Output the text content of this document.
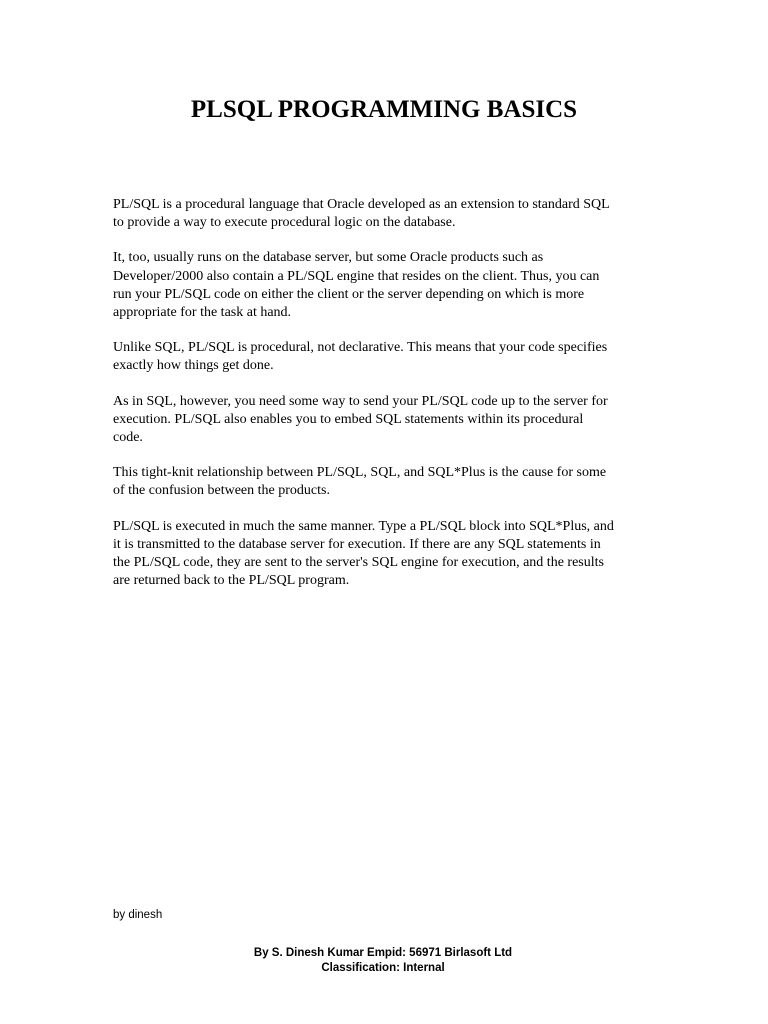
PLSQL PROGRAMMING BASICS

PL/SQL is a procedural language that Oracle developed as an extension to standard SQL
to provide a way to execute procedural logic on the database.

It, too, usually runs on the database server, but some Oracle products such as
Developer/2000 also contain a PL/SQL engine that resides on the client. Thus, you can
run your PL/SQL code on either the client or the server depending on which is more
appropriate for the task at hand.

Unlike SQL, PL/SQL is procedural, not declarative. This means that your code specifies
exactly how things get done.

As in SQL, however, you need some way to send your PL/SQL code up to the server for
execution. PL/SQL also enables you to embed SQL statements within its procedural
code.

This tight-knit relationship between PL/SQL, SQL, and SQL*Plus is the cause for some
of the confusion between the products.

PL/SQL is executed in much the same manner. Type a PL/SQL block into SQL*Plus, and
it is transmitted to the database server for execution. If there are any SQL statements in
the PL/SQL code, they are sent to the server's SQL engine for execution, and the results
are returned back to the PL/SQL program.

by dinesh
By S. Dinesh Kumar Empid: 56971 Birlasoft Ltd
Classification: Internal
